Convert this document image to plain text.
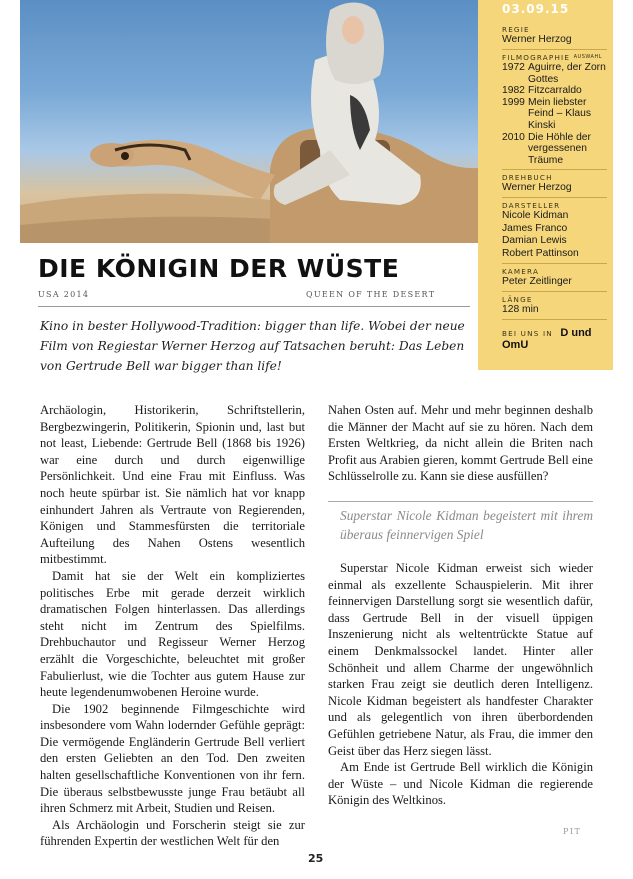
03.09.15
REGIE
Werner Herzog
FILMOGRAPHIE $^{AUSWAHL}$
1972 Aguirre, der Zorn Gottes
1982 Fitzcarraldo
1999 Mein liebster Feind – Klaus Kinski
2010 Die Höhle der vergessenen Träume
DREHBUCH
Werner Herzog
DARSTELLER
Nicole Kidman
James Franco
Damian Lewis
Robert Pattinson
KAMERA
Peter Zeitlinger
LÄNGE
128 min
BEI UNS IN D und OmU
DIE KÖNIGIN DER WÜSTE
USA 2014	QUEEN OF THE DESERT

Kino in bester Hollywood-Tradition: bigger than life. Wobei der neue Film von Regiestar Werner Herzog auf Tatsachen beruht: Das Leben von Gertrude Bell war bigger than life!

Archäologin, Historikerin, Schriftstellerin, Bergbezwingerin, Politikerin, Spionin und, last but not least, Liebende: Gertrude Bell (1868 bis 1926) war eine durch und durch eigenwillige Persönlichkeit. Und eine Frau mit Einfluss. Was noch heute spürbar ist. Sie nämlich hat vor knapp einhundert Jahren als Vertraute von Regierenden, Königen und Stammesfürsten die territoriale Aufteilung des Nahen Ostens wesentlich mitbestimmt.

Damit hat sie der Welt ein kompliziertes politisches Erbe mit gerade derzeit wirklich dramatischen Folgen hinterlassen. Das allerdings steht nicht im Zentrum des Spielfilms. Drehbuchautor und Regisseur Werner Herzog erzählt die Vorgeschichte, beleuchtet mit großer Fabulierlust, wie die Tochter aus gutem Hause zur heute legendenumwobenen Heroine wurde.

Die 1902 beginnende Filmgeschichte wird insbesondere vom Wahn lodernder Gefühle geprägt: Die vermögende Engländerin Gertrude Bell verliert den ersten Geliebten an den Tod. Den zweiten halten gesellschaftliche Konventionen von ihr fern. Die überaus selbstbewusste junge Frau betäubt all ihren Schmerz mit Arbeit, Studien und Reisen.

Als Archäologin und Forscherin steigt sie zur führenden Expertin der westlichen Welt für den

Nahen Osten auf. Mehr und mehr beginnen deshalb die Männer der Macht auf sie zu hören. Nach dem Ersten Weltkrieg, da nicht allein die Briten nach Profit aus Arabien gieren, kommt Gertrude Bell eine Schlüsselrolle zu. Kann sie diese ausfüllen?

Superstar Nicole Kidman begeistert mit ihrem überaus feinnervigen Spiel

Superstar Nicole Kidman erweist sich wieder einmal als exzellente Schauspielerin. Mit ihrer feinnervigen Darstellung sorgt sie wesentlich dafür, dass Gertrude Bell in der visuell üppigen Inszenierung nicht als weltentrückte Statue auf einem Denkmalssockel landet. Hinter aller Schönheit und allem Charme der ungewöhnlich starken Frau zeigt sie deutlich deren Intelligenz. Nicole Kidman begeistert als handfester Charakter und als gelegentlich von ihren überbordenden Gefühlen getriebene Natur, als Frau, die immer den Geist über das Herz siegen lässt.

Am Ende ist Gertrude Bell wirklich die Königin der Wüste – und Nicole Kidman die regierende Königin des Weltkinos.

PIT
25
